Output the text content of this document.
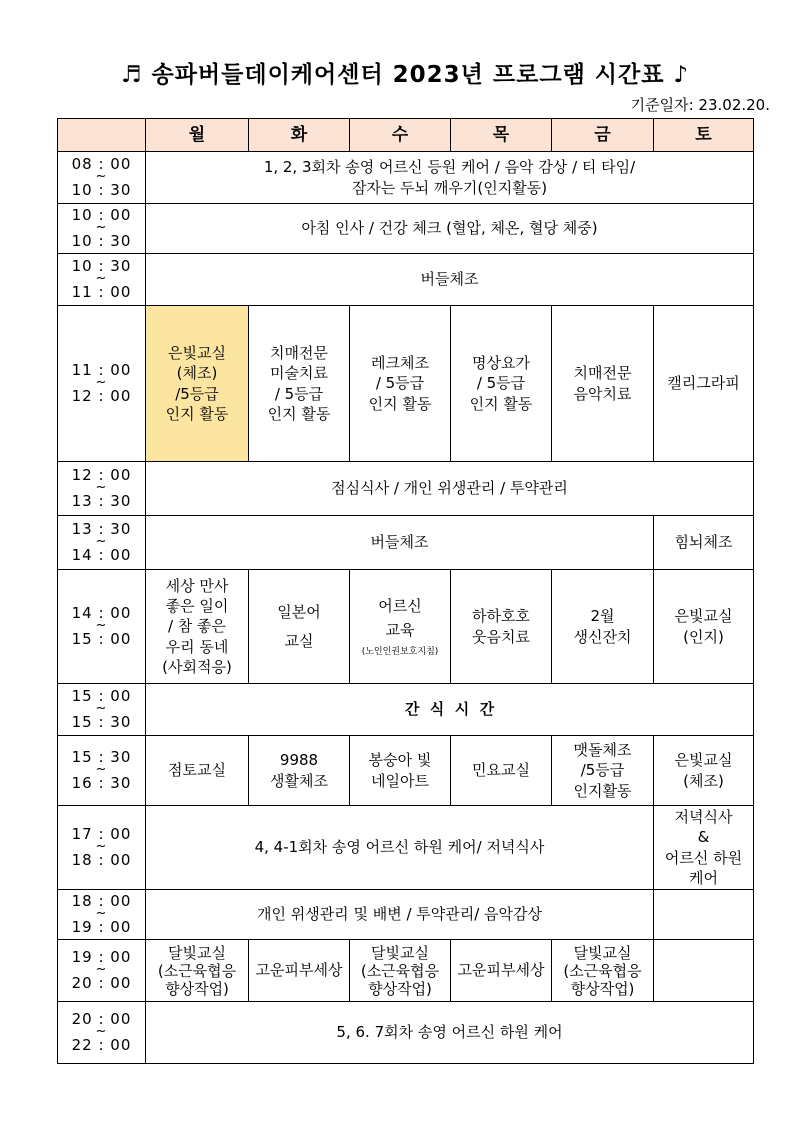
♬ 송파버들데이케어센터 2023년 프로그램 시간표 ♪
기준일자: 23.02.20.
	월	화	수	목	금	토

08 : 00
~
10 : 30	1, 2, 3회차 송영 어르신 등원 케어 / 음악 감상 / 티 타임/
잠자는 두뇌 깨우기(인지활동)					

10 : 00
~
10 : 30	아침 인사 / 건강 체크 (혈압, 체온, 혈당 체중)					

10 : 30
~
11 : 00	버들체조					

11 : 00
~
12 : 00	은빛교실
(체조)
/5등급
인지 활동	치매전문
미술치료
/ 5등급
인지 활동	레크체조
/ 5등급
인지 활동	명상요가
/ 5등급
인지 활동	치매전문
음악치료	캘리그라피

12 : 00
~
13 : 30	점심식사 / 개인 위생관리 / 투약관리					

13 : 30
~
14 : 00	버들체조					힘뇌체조

14 : 00
~
15 : 00	세상 만사
좋은 일이
/ 참 좋은
우리 동네
(사회적응)	일본어
교실	어르신
교육
(노인인권보호지침)	하하호호
웃음치료	2월
생신잔치	은빛교실
(인지)

15 : 00
~
15 : 30	간  식  시  간					

15 : 30
~
16 : 30	점토교실	9988
생활체조	봉숭아 빛
네일아트	민요교실	맷돌체조
/5등급
인지활동	은빛교실
(체조)

17 : 00
~
18 : 00	4, 4-1회차 송영 어르신 하원 케어/ 저녁식사					저녁식사
&
어르신 하원
케어

18 : 00
~
19 : 00	개인 위생관리 및 배변 / 투약관리/ 음악감상					

19 : 00
~
20 : 00	달빛교실
(소근육협응
향상작업)	고운피부세상	달빛교실
(소근육협응
향상작업)	고운피부세상	달빛교실
(소근육협응
향상작업)	

20 : 00
~
22 : 00	5, 6. 7회차 송영 어르신 하원 케어					
